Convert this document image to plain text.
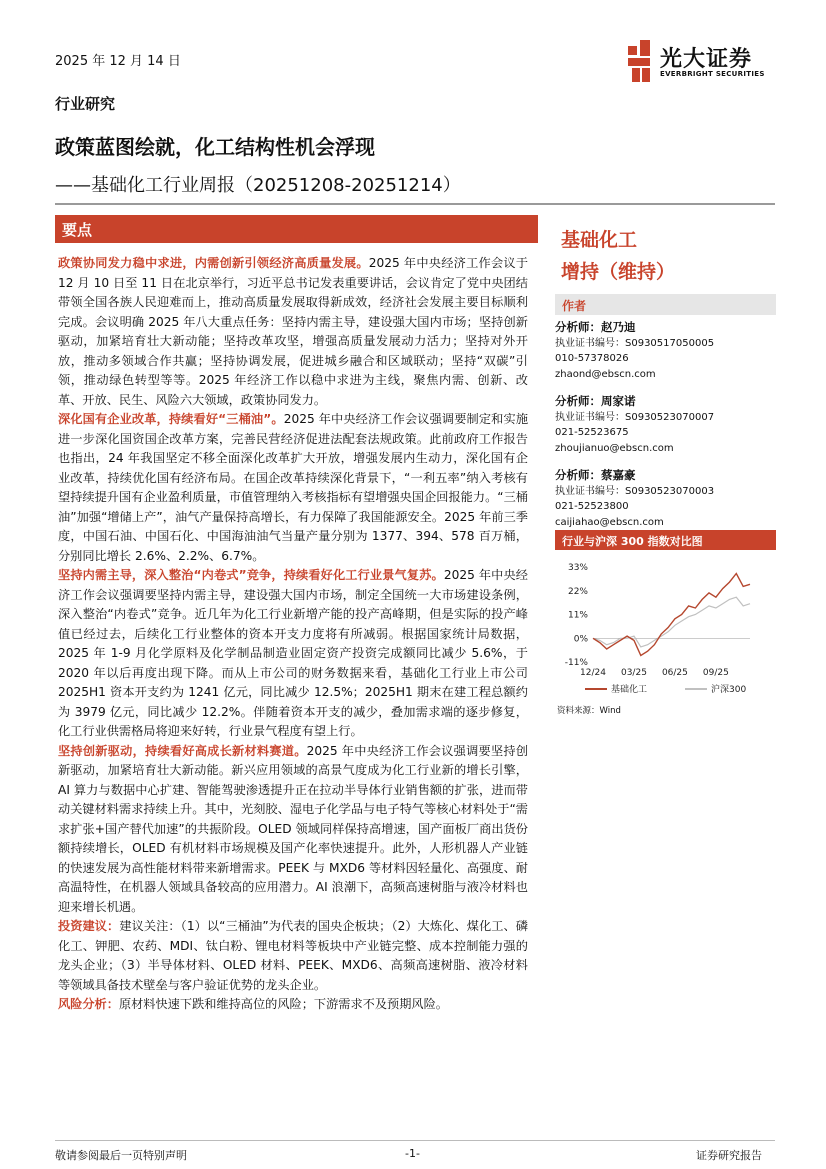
2025 年 12 月 14 日	光大证券
EVERBRIGHT SECURITIES
行业研究
政策蓝图绘就，化工结构性机会浮现
——基础化工行业周报（20251208-20251214）
要点

政策协同发力稳中求进，内需创新引领经济高质量发展。2025 年中央经济工作会议于 12 月 10 日至 11 日在北京举行，习近平总书记发表重要讲话，会议肯定了党中央团结带领全国各族人民迎难而上，推动高质量发展取得新成效，经济社会发展主要目标顺利完成。会议明确 2025 年八大重点任务：坚持内需主导，建设强大国内市场；坚持创新驱动，加紧培育壮大新动能；坚持改革攻坚，增强高质量发展动力活力；坚持对外开放，推动多领域合作共赢；坚持协调发展，促进城乡融合和区域联动；坚持“双碳”引领，推动绿色转型等等。2025 年经济工作以稳中求进为主线，聚焦内需、创新、改革、开放、民生、风险六大领域，政策协同发力。

深化国有企业改革，持续看好“三桶油”。2025 年中央经济工作会议强调要制定和实施进一步深化国资国企改革方案，完善民营经济促进法配套法规政策。此前政府工作报告也指出，24 年我国坚定不移全面深化改革扩大开放，增强发展内生动力，深化国有企业改革，持续优化国有经济布局。在国企改革持续深化背景下，“一利五率”纳入考核有望持续提升国有企业盈利质量，市值管理纳入考核指标有望增强央国企回报能力。“三桶油”加强“增储上产”，油气产量保持高增长，有力保障了我国能源安全。2025 年前三季度，中国石油、中国石化、中国海油油气当量产量分别为 1377、394、578 百万桶，分别同比增长 2.6%、2.2%、6.7%。

坚持内需主导，深入整治“内卷式”竞争，持续看好化工行业景气复苏。2025 年中央经济工作会议强调要坚持内需主导，建设强大国内市场，制定全国统一大市场建设条例，深入整治“内卷式”竞争。近几年为化工行业新增产能的投产高峰期，但是实际的投产峰值已经过去，后续化工行业整体的资本开支力度将有所减弱。根据国家统计局数据，2025 年 1-9 月化学原料及化学制品制造业固定资产投资完成额同比减少 5.6%，于 2020 年以后再度出现下降。而从上市公司的财务数据来看，基础化工行业上市公司 2025H1 资本开支约为 1241 亿元，同比减少 12.5%；2025H1 期末在建工程总额约为 3979 亿元，同比减少 12.2%。伴随着资本开支的减少，叠加需求端的逐步修复，化工行业供需格局将迎来好转，行业景气程度有望上行。

坚持创新驱动，持续看好高成长新材料赛道。2025 年中央经济工作会议强调要坚持创新驱动，加紧培育壮大新动能。新兴应用领域的高景气度成为化工行业新的增长引擎，AI 算力与数据中心扩建、智能驾驶渗透提升正在拉动半导体行业销售额的扩张，进而带动关键材料需求持续上升。其中，光刻胶、湿电子化学品与电子特气等核心材料处于“需求扩张+国产替代加速”的共振阶段。OLED 领域同样保持高增速，国产面板厂商出货份额持续增长，OLED 有机材料市场规模及国产化率快速提升。此外，人形机器人产业链的快速发展为高性能材料带来新增需求。PEEK 与 MXD6 等材料因轻量化、高强度、耐高温特性，在机器人领域具备较高的应用潜力。AI 浪潮下，高频高速树脂与液冷材料也迎来增长机遇。

投资建议：建议关注：（1）以“三桶油”为代表的国央企板块；（2）大炼化、煤化工、磷化工、钾肥、农药、MDI、钛白粉、锂电材料等板块中产业链完整、成本控制能力强的龙头企业；（3）半导体材料、OLED 材料、PEEK、MXD6、高频高速树脂、液冷材料等领域具备技术壁垒与客户验证优势的龙头企业。

风险分析：原材料快速下跌和维持高位的风险；下游需求不及预期风险。

基础化工
增持（维持）
作者
分析师：赵乃迪
执业证书编号：S0930517050005
010-57378026
zhaond@ebscn.com
分析师：周家诺
执业证书编号：S0930523070007
021-52523675
zhoujianuo@ebscn.com
分析师：蔡嘉豪
执业证书编号：S0930523070003
021-52523800
caijiahao@ebscn.com
行业与沪深 300 指数对比图
33%
22%
11%
0%
-11%
12/24 03/25 06/25 09/25
基础化工	沪深300
资料来源：Wind
敬请参阅最后一页特别声明	-1-	证券研究报告
